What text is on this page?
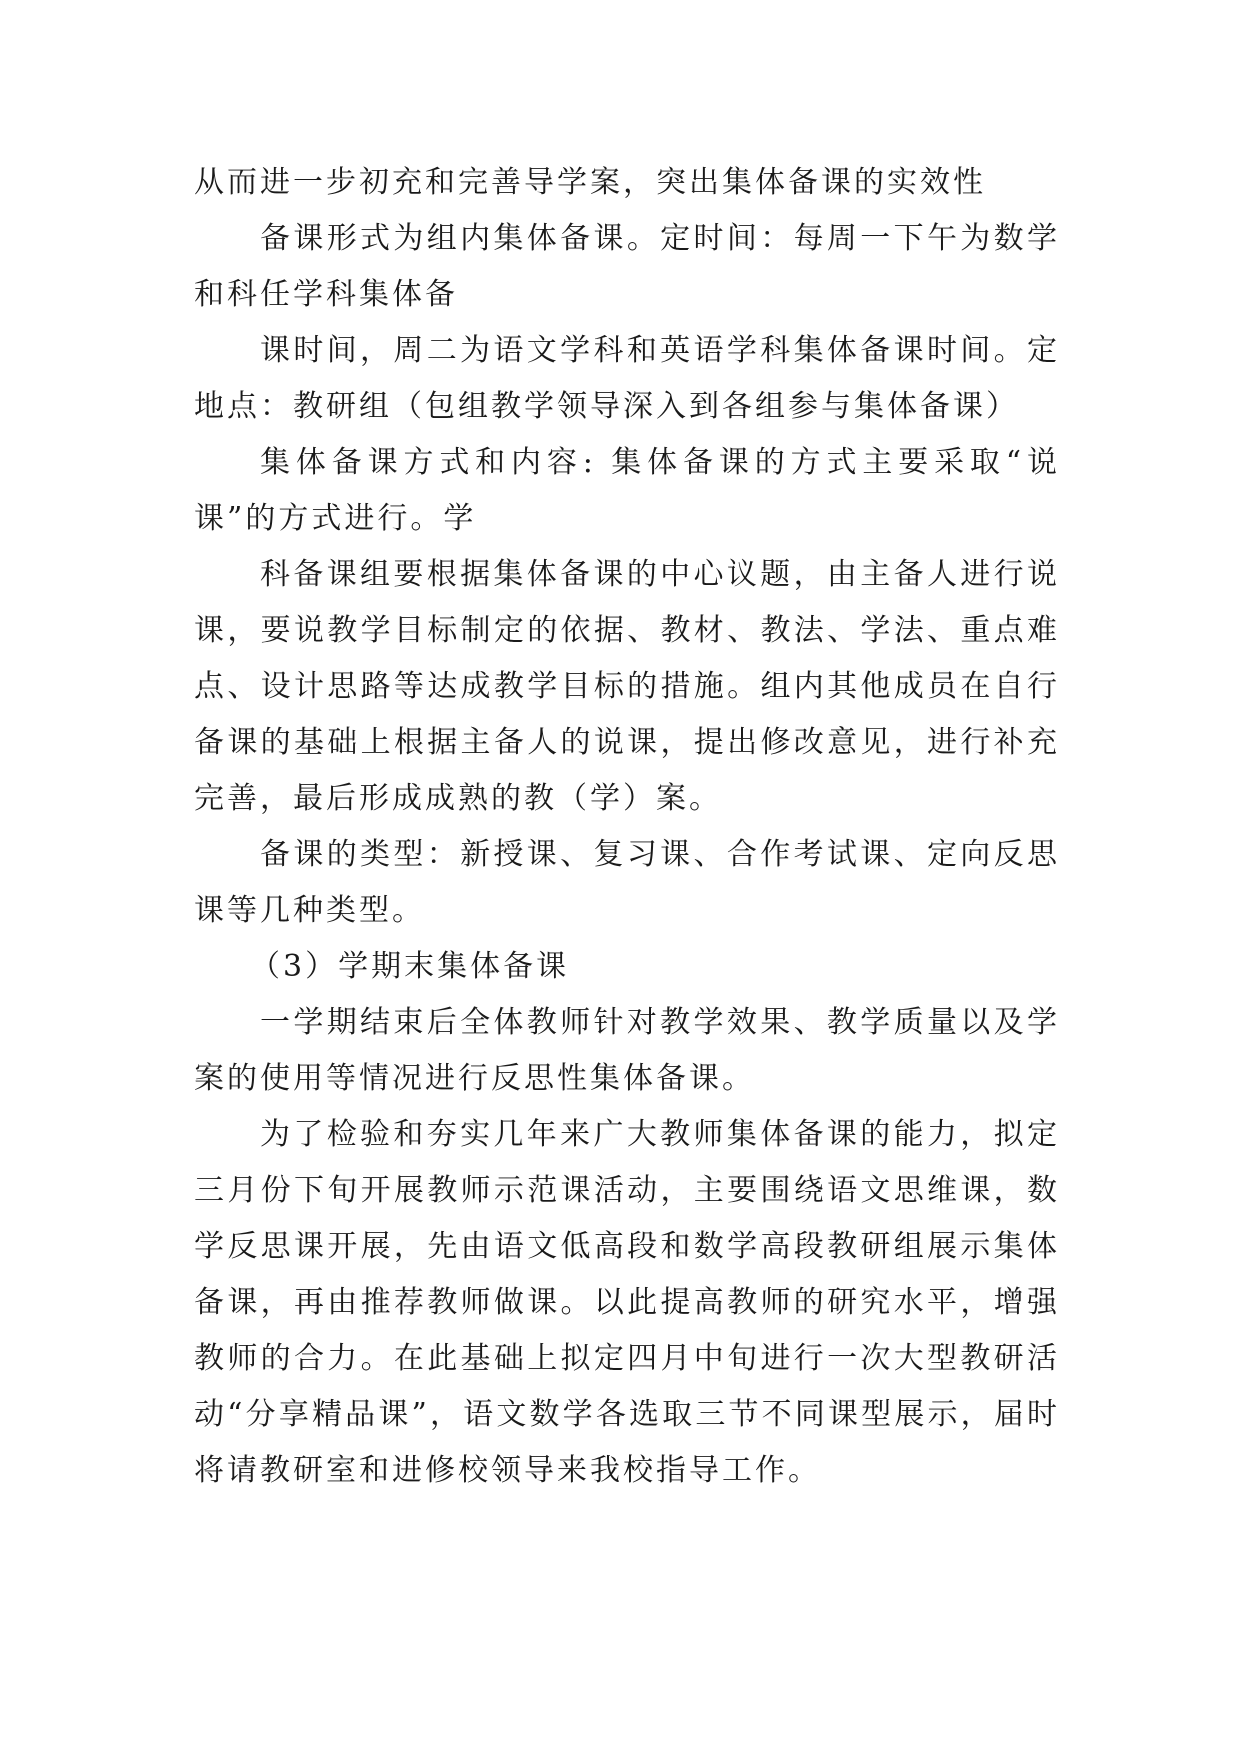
从而进一步初充和完善导学案，突出集体备课的实效性

备课形式为组内集体备课。定时间：每周一下午为数学和科任学科集体备

课时间，周二为语文学科和英语学科集体备课时间。定地点：教研组（包组教学领导深入到各组参与集体备课）

集体备课方式和内容: 集体备课的方式主要采取“说课”的方式进行。学

科备课组要根据集体备课的中心议题，由主备人进行说课，要说教学目标制定的依据、教材、教法、学法、重点难点、设计思路等达成教学目标的措施。组内其他成员在自行备课的基础上根据主备人的说课，提出修改意见，进行补充完善，最后形成成熟的教（学）案。

备课的类型：新授课、复习课、合作考试课、定向反思课等几种类型。

（3）学期末集体备课

一学期结束后全体教师针对教学效果、教学质量以及学案的使用等情况进行反思性集体备课。

为了检验和夯实几年来广大教师集体备课的能力，拟定三月份下旬开展教师示范课活动，主要围绕语文思维课，数学反思课开展，先由语文低高段和数学高段教研组展示集体备课，再由推荐教师做课。以此提高教师的研究水平，增强教师的合力。在此基础上拟定四月中旬进行一次大型教研活动“分享精品课”，语文数学各选取三节不同课型展示，届时将请教研室和进修校领导来我校指导工作。
